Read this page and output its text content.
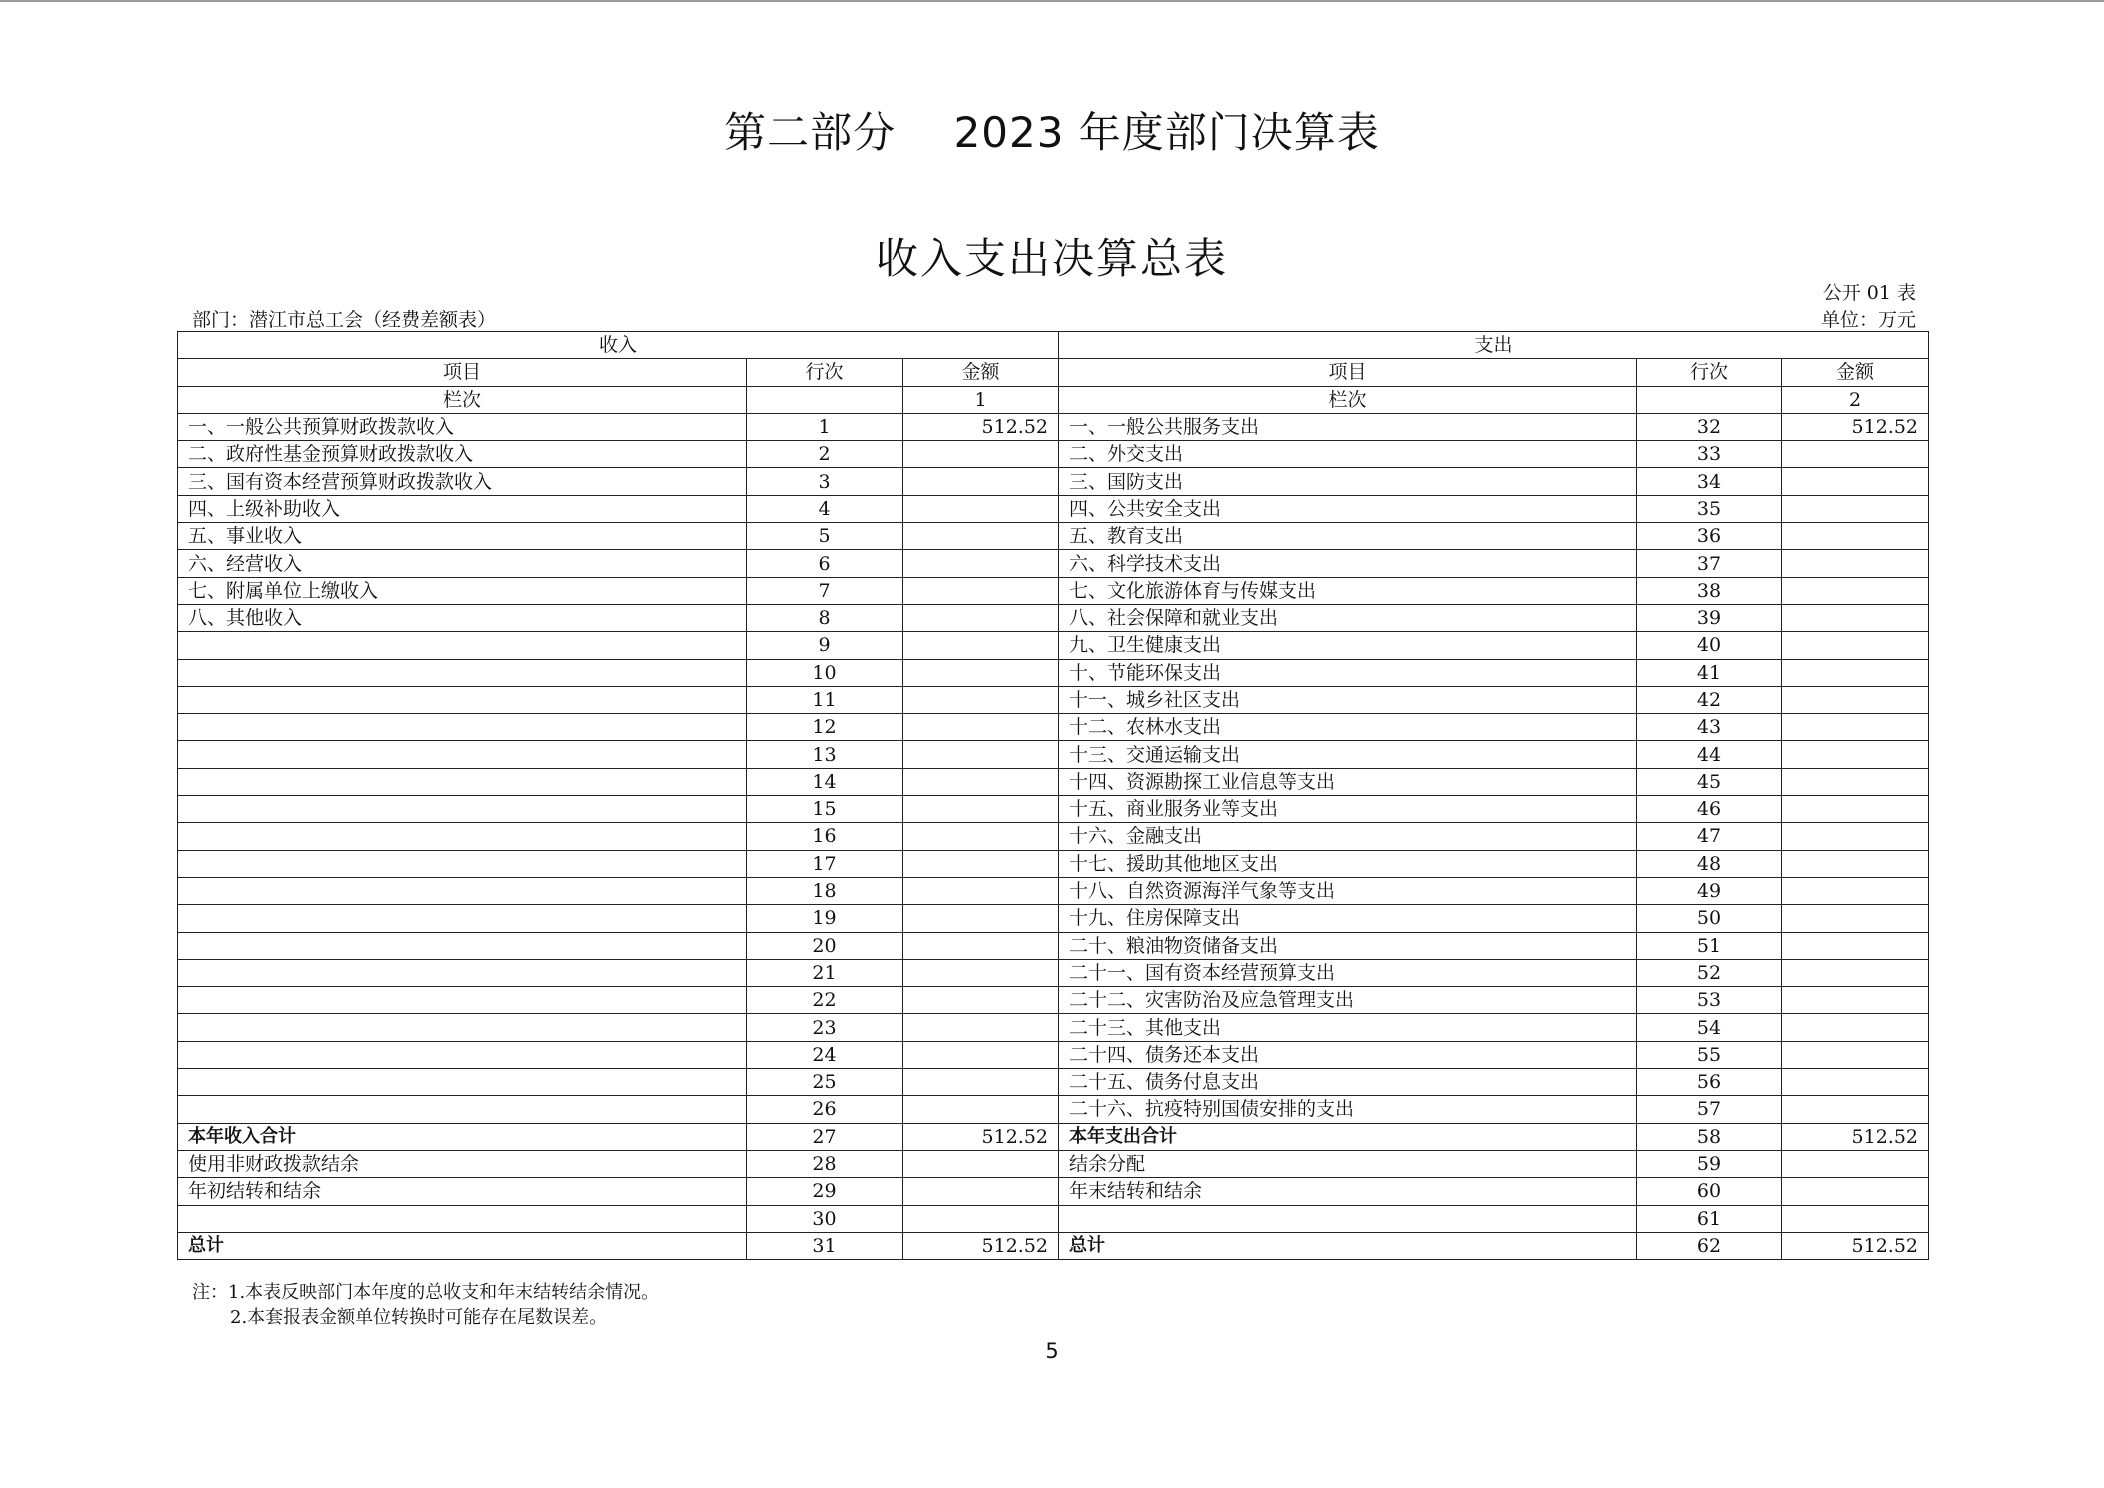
第二部分    2023 年度部门决算表
收入支出决算总表
公开 01 表
单位：万元
部门：潜江市总工会（经费差额表）
收入			支出		
项目	行次	金额	项目	行次	金额
栏次		1	栏次		2
一、一般公共预算财政拨款收入	1	512.52	一、一般公共服务支出	32	512.52
二、政府性基金预算财政拨款收入	2		二、外交支出	33	
三、国有资本经营预算财政拨款收入	3		三、国防支出	34	
四、上级补助收入	4		四、公共安全支出	35	
五、事业收入	5		五、教育支出	36	
六、经营收入	6		六、科学技术支出	37	
七、附属单位上缴收入	7		七、文化旅游体育与传媒支出	38	
八、其他收入	8		八、社会保障和就业支出	39	
	9		九、卫生健康支出	40	
	10		十、节能环保支出	41	
	11		十一、城乡社区支出	42	
	12		十二、农林水支出	43	
	13		十三、交通运输支出	44	
	14		十四、资源勘探工业信息等支出	45	
	15		十五、商业服务业等支出	46	
	16		十六、金融支出	47	
	17		十七、援助其他地区支出	48	
	18		十八、自然资源海洋气象等支出	49	
	19		十九、住房保障支出	50	
	20		二十、粮油物资储备支出	51	
	21		二十一、国有资本经营预算支出	52	
	22		二十二、灾害防治及应急管理支出	53	
	23		二十三、其他支出	54	
	24		二十四、债务还本支出	55	
	25		二十五、债务付息支出	56	
	26		二十六、抗疫特别国债安排的支出	57	
本年收入合计	27	512.52	本年支出合计	58	512.52
使用非财政拨款结余	28		结余分配	59	
年初结转和结余	29		年末结转和结余	60	
	30			61	
总计	31	512.52	总计	62	512.52
注：1.本表反映部门本年度的总收支和年末结转结余情况。
2.本套报表金额单位转换时可能存在尾数误差。
5
